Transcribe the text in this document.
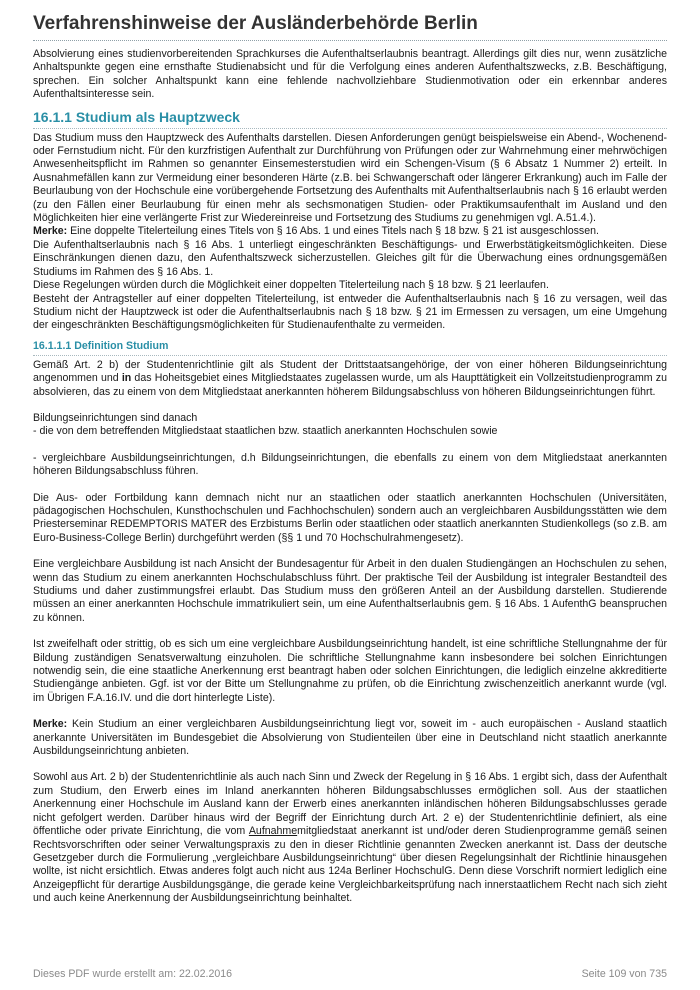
Verfahrenshinweise der Ausländerbehörde Berlin

Absolvierung eines studienvorbereitenden Sprachkurses die Aufenthaltserlaubnis beantragt. Allerdings gilt dies nur, wenn zusätzliche Anhaltspunkte gegen eine ernsthafte Studienabsicht und für die Verfolgung eines anderen Aufenthaltszwecks, z.B. Beschäftigung, sprechen. Ein solcher Anhaltspunkt kann eine fehlende nachvollziehbare Studienmotivation oder ein erkennbar anderes Aufenthaltsinteresse sein.

16.1.1 Studium als Hauptzweck

Das Studium muss den Hauptzweck des Aufenthalts darstellen. Diesen Anforderungen genügt beispielsweise ein Abend-, Wochenend- oder Fernstudium nicht. Für den kurzfristigen Aufenthalt zur Durchführung von Prüfungen oder zur Wahrnehmung einer mehrwöchigen Anwesenheitspflicht im Rahmen so genannter Einsemesterstudien wird ein Schengen-Visum (§ 6 Absatz 1 Nummer 2) erteilt. In Ausnahmefällen kann zur Vermeidung einer besonderen Härte (z.B. bei Schwangerschaft oder längerer Erkrankung) auch im Falle der Beurlaubung von der Hochschule eine vorübergehende Fortsetzung des Aufenthalts mit Aufenthaltserlaubnis nach § 16 erlaubt werden (zu den Fällen einer Beurlaubung für einen mehr als sechsmonatigen Studien- oder Praktikumsaufenthalt im Ausland und den Möglichkeiten hier eine verlängerte Frist zur Wiedereinreise und Fortsetzung des Studiums zu genehmigen vgl. A.51.4.).

Merke: Eine doppelte Titelerteilung eines Titels von § 16 Abs. 1 und eines Titels nach § 18 bzw. § 21 ist ausgeschlossen.

Die Aufenthaltserlaubnis nach § 16 Abs. 1 unterliegt eingeschränkten Beschäftigungs- und Erwerbstätigkeitsmöglichkeiten. Diese Einschränkungen dienen dazu, den Aufenthaltszweck sicherzustellen. Gleiches gilt für die Überwachung eines ordnungsgemäßen Studiums im Rahmen des § 16 Abs. 1.

Diese Regelungen würden durch die Möglichkeit einer doppelten Titelerteilung nach § 18 bzw. § 21 leerlaufen.

Besteht der Antragsteller auf einer doppelten Titelerteilung, ist entweder die Aufenthaltserlaubnis nach § 16 zu versagen, weil das Studium nicht der Hauptzweck ist oder die Aufenthaltserlaubnis nach § 18 bzw. § 21 im Ermessen zu versagen, um eine Umgehung der eingeschränkten Beschäftigungsmöglichkeiten für Studienaufenthalte zu vermeiden.

16.1.1.1 Definition Studium

Gemäß Art. 2 b) der Studentenrichtlinie gilt als Student der Drittstaatsangehörige, der von einer höheren Bildungseinrichtung angenommen und in das Hoheitsgebiet eines Mitgliedstaates zugelassen wurde, um als Haupttätigkeit ein Vollzeitstudienprogramm zu absolvieren, das zu einem von dem Mitgliedstaat anerkannten höherem Bildungsabschluss von höheren Bildungseinrichtungen führt.

Bildungseinrichtungen sind danach

- die von dem betreffenden Mitgliedstaat staatlichen bzw. staatlich anerkannten Hochschulen sowie

- vergleichbare Ausbildungseinrichtungen, d.h Bildungseinrichtungen, die ebenfalls zu einem von dem Mitgliedstaat anerkannten höheren Bildungsabschluss führen.

Die Aus- oder Fortbildung kann demnach nicht nur an staatlichen oder staatlich anerkannten Hochschulen (Universitäten, pädagogischen Hochschulen, Kunsthochschulen und Fachhochschulen) sondern auch an vergleichbaren Ausbildungsstätten wie dem Priesterseminar REDEMPTORIS MATER des Erzbistums Berlin oder staatlichen oder staatlich anerkannten Studienkollegs (so z.B. am Euro-Business-College Berlin) durchgeführt werden (§§ 1 und 70 Hochschulrahmengesetz).

Eine vergleichbare Ausbildung ist nach Ansicht der Bundesagentur für Arbeit in den dualen Studiengängen an Hochschulen zu sehen, wenn das Studium zu einem anerkannten Hochschulabschluss führt. Der praktische Teil der Ausbildung ist integraler Bestandteil des Studiums und daher zustimmungsfrei erlaubt. Das Studium muss den größeren Anteil an der Ausbildung darstellen. Studierende müssen an einer anerkannten Hochschule immatrikuliert sein, um eine Aufenthaltserlaubnis gem. § 16 Abs. 1 AufenthG beanspruchen zu können.

Ist zweifelhaft oder strittig, ob es sich um eine vergleichbare Ausbildungseinrichtung handelt, ist eine schriftliche Stellungnahme der für Bildung zuständigen Senatsverwaltung einzuholen. Die schriftliche Stellungnahme kann insbesondere bei solchen Einrichtungen notwendig sein, die eine staatliche Anerkennung erst beantragt haben oder solchen Einrichtungen, die lediglich einzelne akkreditierte Studiengänge anbieten. Ggf. ist vor der Bitte um Stellungnahme zu prüfen, ob die Einrichtung zwischenzeitlich anerkannt wurde (vgl. im Übrigen F.A.16.IV. und die dort hinterlegte Liste).

Merke: Kein Studium an einer vergleichbaren Ausbildungseinrichtung liegt vor, soweit im - auch europäischen - Ausland staatlich anerkannte Universitäten im Bundesgebiet die Absolvierung von Studienteilen über eine in Deutschland nicht staatlich anerkannte Ausbildungseinrichtung anbieten.

Sowohl aus Art. 2 b) der Studentenrichtlinie als auch nach Sinn und Zweck der Regelung in § 16 Abs. 1 ergibt sich, dass der Aufenthalt zum Studium, den Erwerb eines im Inland anerkannten höheren Bildungsabschlusses ermöglichen soll. Aus der staatlichen Anerkennung einer Hochschule im Ausland kann der Erwerb eines anerkannten inländischen höheren Bildungsabschlusses gerade nicht gefolgert werden. Darüber hinaus wird der Begriff der Einrichtung durch Art. 2 e) der Studentenrichtlinie definiert, als eine öffentliche oder private Einrichtung, die vom Aufnahmemitgliedstaat anerkannt ist und/oder deren Studienprogramme gemäß seinen Rechtsvorschriften oder seiner Verwaltungspraxis zu den in dieser Richtlinie genannten Zwecken anerkannt ist. Dass der deutsche Gesetzgeber durch die Formulierung „vergleichbare Ausbildungseinrichtung“ über diesen Regelungsinhalt der Richtlinie hinausgehen wollte, ist nicht ersichtlich. Etwas anderes folgt auch nicht aus 124a Berliner HochschulG. Denn diese Vorschrift normiert lediglich eine Anzeigepflicht für derartige Ausbildungsgänge, die gerade keine Vergleichbarkeitsprüfung nach innerstaatlichem Recht nach sich zieht und auch keine Anerkennung der Ausbildungseinrichtung beinhaltet.

Dieses PDF wurde erstellt am: 22.02.2016	Seite 109 von 735
